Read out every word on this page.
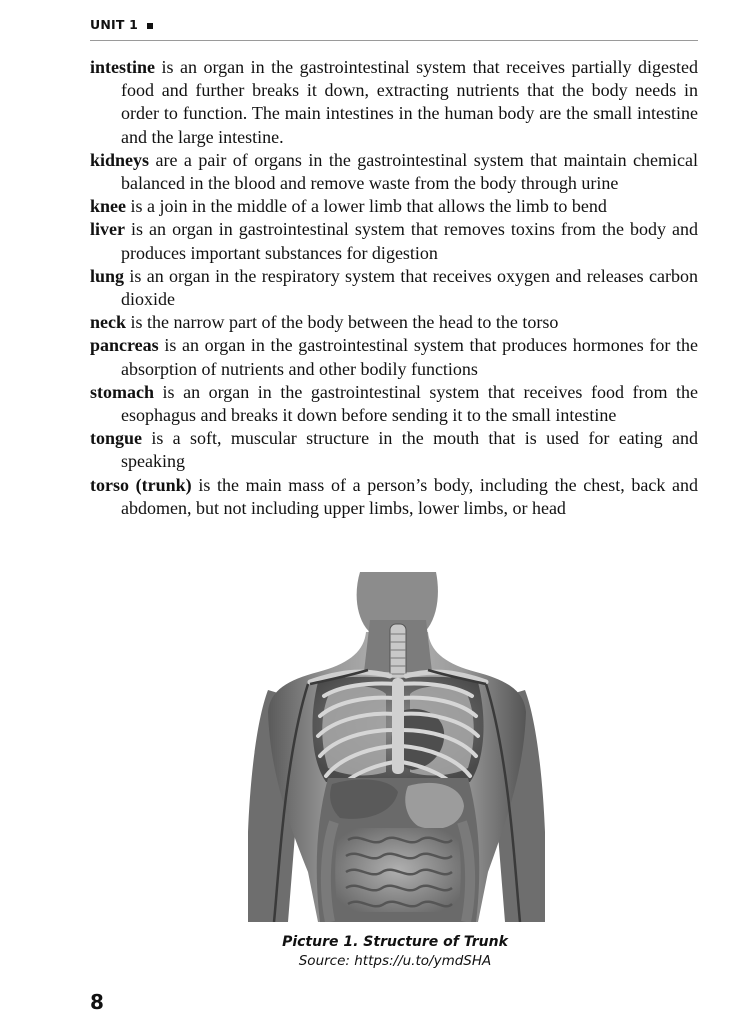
UNIT 1

intestine is an organ in the gastrointestinal system that receives partially digested food and further breaks it down, extracting nutrients that the body needs in order to function. The main intestines in the human body are the small intestine and the large intestine.

kidneys are a pair of organs in the gastrointestinal system that maintain chemical balanced in the blood and remove waste from the body through urine

knee is a join in the middle of a lower limb that allows the limb to bend

liver is an organ in gastrointestinal system that removes toxins from the body and produces important substances for digestion

lung is an organ in the respiratory system that receives oxygen and releases carbon dioxide

neck is the narrow part of the body between the head to the torso

pancreas is an organ in the gastrointestinal system that produces hormones for the absorption of nutrients and other bodily functions

stomach is an organ in the gastrointestinal system that receives food from the esophagus and breaks it down before sending it to the small intestine

tongue is a soft, muscular structure in the mouth that is used for eating and speaking

torso (trunk) is the main mass of a person’s body, including the chest, back and abdomen, but not including upper limbs, lower limbs, or head

Picture 1. Structure of Trunk
Source: https://u.to/ymdSHA
8
